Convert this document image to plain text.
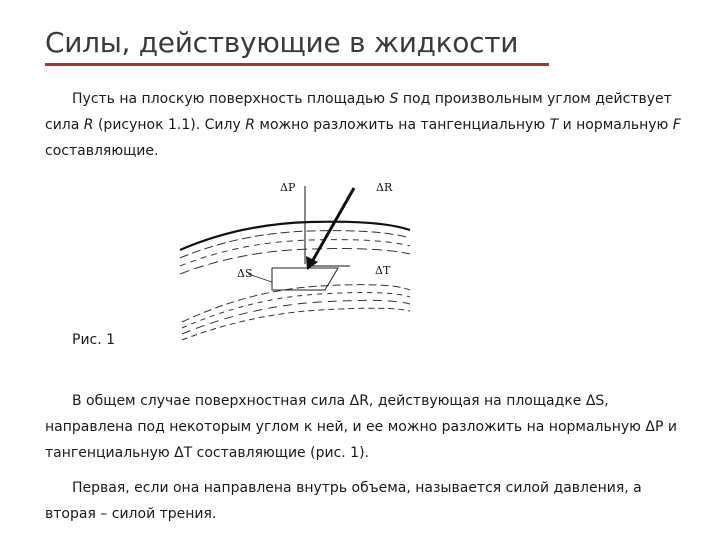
Силы, действующие в жидкости

Пусть на плоскую поверхность площадью S под произвольным углом действует сила R (рисунок 1.1). Силу R можно разложить на тангенциальную T и нормальную F составляющие.

ΔP	ΔR
ΔS	ΔT

Рис. 1

В общем случае поверхностная сила ΔR, действующая на площадке ΔS, направлена под некоторым углом к ней, и ее можно разложить на нормальную ΔP и тангенциальную ΔT составляющие (рис. 1).

Первая, если она направлена внутрь объема, называется силой давления, а вторая – силой трения.
